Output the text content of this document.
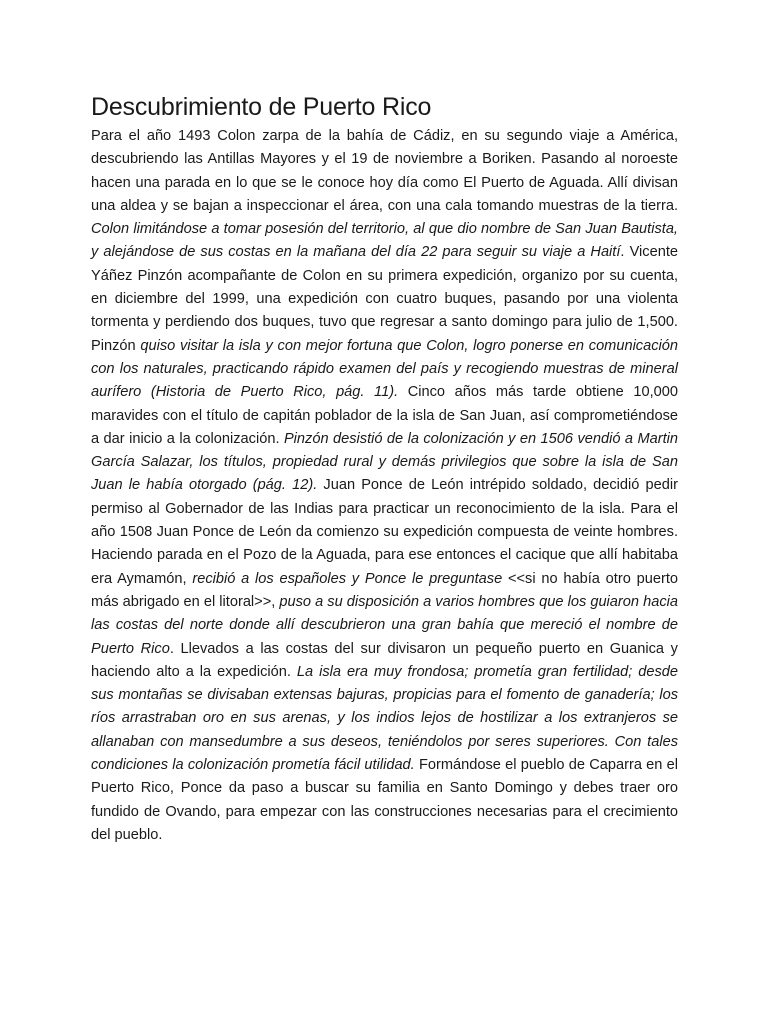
Descubrimiento de Puerto Rico

Para el año 1493 Colon zarpa de la bahía de Cádiz, en su segundo viaje a América, descubriendo las Antillas Mayores y el 19 de noviembre a Boriken. Pasando al noroeste hacen una parada en lo que se le conoce hoy día como El Puerto de Aguada. Allí divisan una aldea y se bajan a inspeccionar el área, con una cala tomando muestras de la tierra. Colon limitándose a tomar posesión del territorio, al que dio nombre de San Juan Bautista, y alejándose de sus costas en la mañana del día 22 para seguir su viaje a Haití. Vicente Yáñez Pinzón acompañante de Colon en su primera expedición, organizo por su cuenta, en diciembre del 1999, una expedición con cuatro buques, pasando por una violenta tormenta y perdiendo dos buques, tuvo que regresar a santo domingo para julio de 1,500. Pinzón quiso visitar la isla y con mejor fortuna que Colon, logro ponerse en comunicación con los naturales, practicando rápido examen del país y recogiendo muestras de mineral aurífero (Historia de Puerto Rico, pág. 11). Cinco años más tarde obtiene 10,000 maravides con el título de capitán poblador de la isla de San Juan, así comprometiéndose a dar inicio a la colonización. Pinzón desistió de la colonización y en 1506 vendió a Martin García Salazar, los títulos, propiedad rural y demás privilegios que sobre la isla de San Juan le había otorgado (pág. 12). Juan Ponce de León intrépido soldado, decidió pedir permiso al Gobernador de las Indias para practicar un reconocimiento de la isla. Para el año 1508 Juan Ponce de León da comienzo su expedición compuesta de veinte hombres. Haciendo parada en el Pozo de la Aguada, para ese entonces el cacique que allí habitaba era Aymamón, recibió a los españoles y Ponce le preguntase <<si no había otro puerto más abrigado en el litoral>>, puso a su disposición a varios hombres que los guiaron hacia las costas del norte donde allí descubrieron una gran bahía que mereció el nombre de Puerto Rico. Llevados a las costas del sur divisaron un pequeño puerto en Guanica y haciendo alto a la expedición. La isla era muy frondosa; prometía gran fertilidad; desde sus montañas se divisaban extensas bajuras, propicias para el fomento de ganadería; los ríos arrastraban oro en sus arenas, y los indios lejos de hostilizar a los extranjeros se allanaban con mansedumbre a sus deseos, teniéndolos por seres superiores. Con tales condiciones la colonización prometía fácil utilidad. Formándose el pueblo de Caparra en el Puerto Rico, Ponce da paso a buscar su familia en Santo Domingo y debes traer oro fundido de Ovando, para empezar con las construcciones necesarias para el crecimiento del pueblo.
